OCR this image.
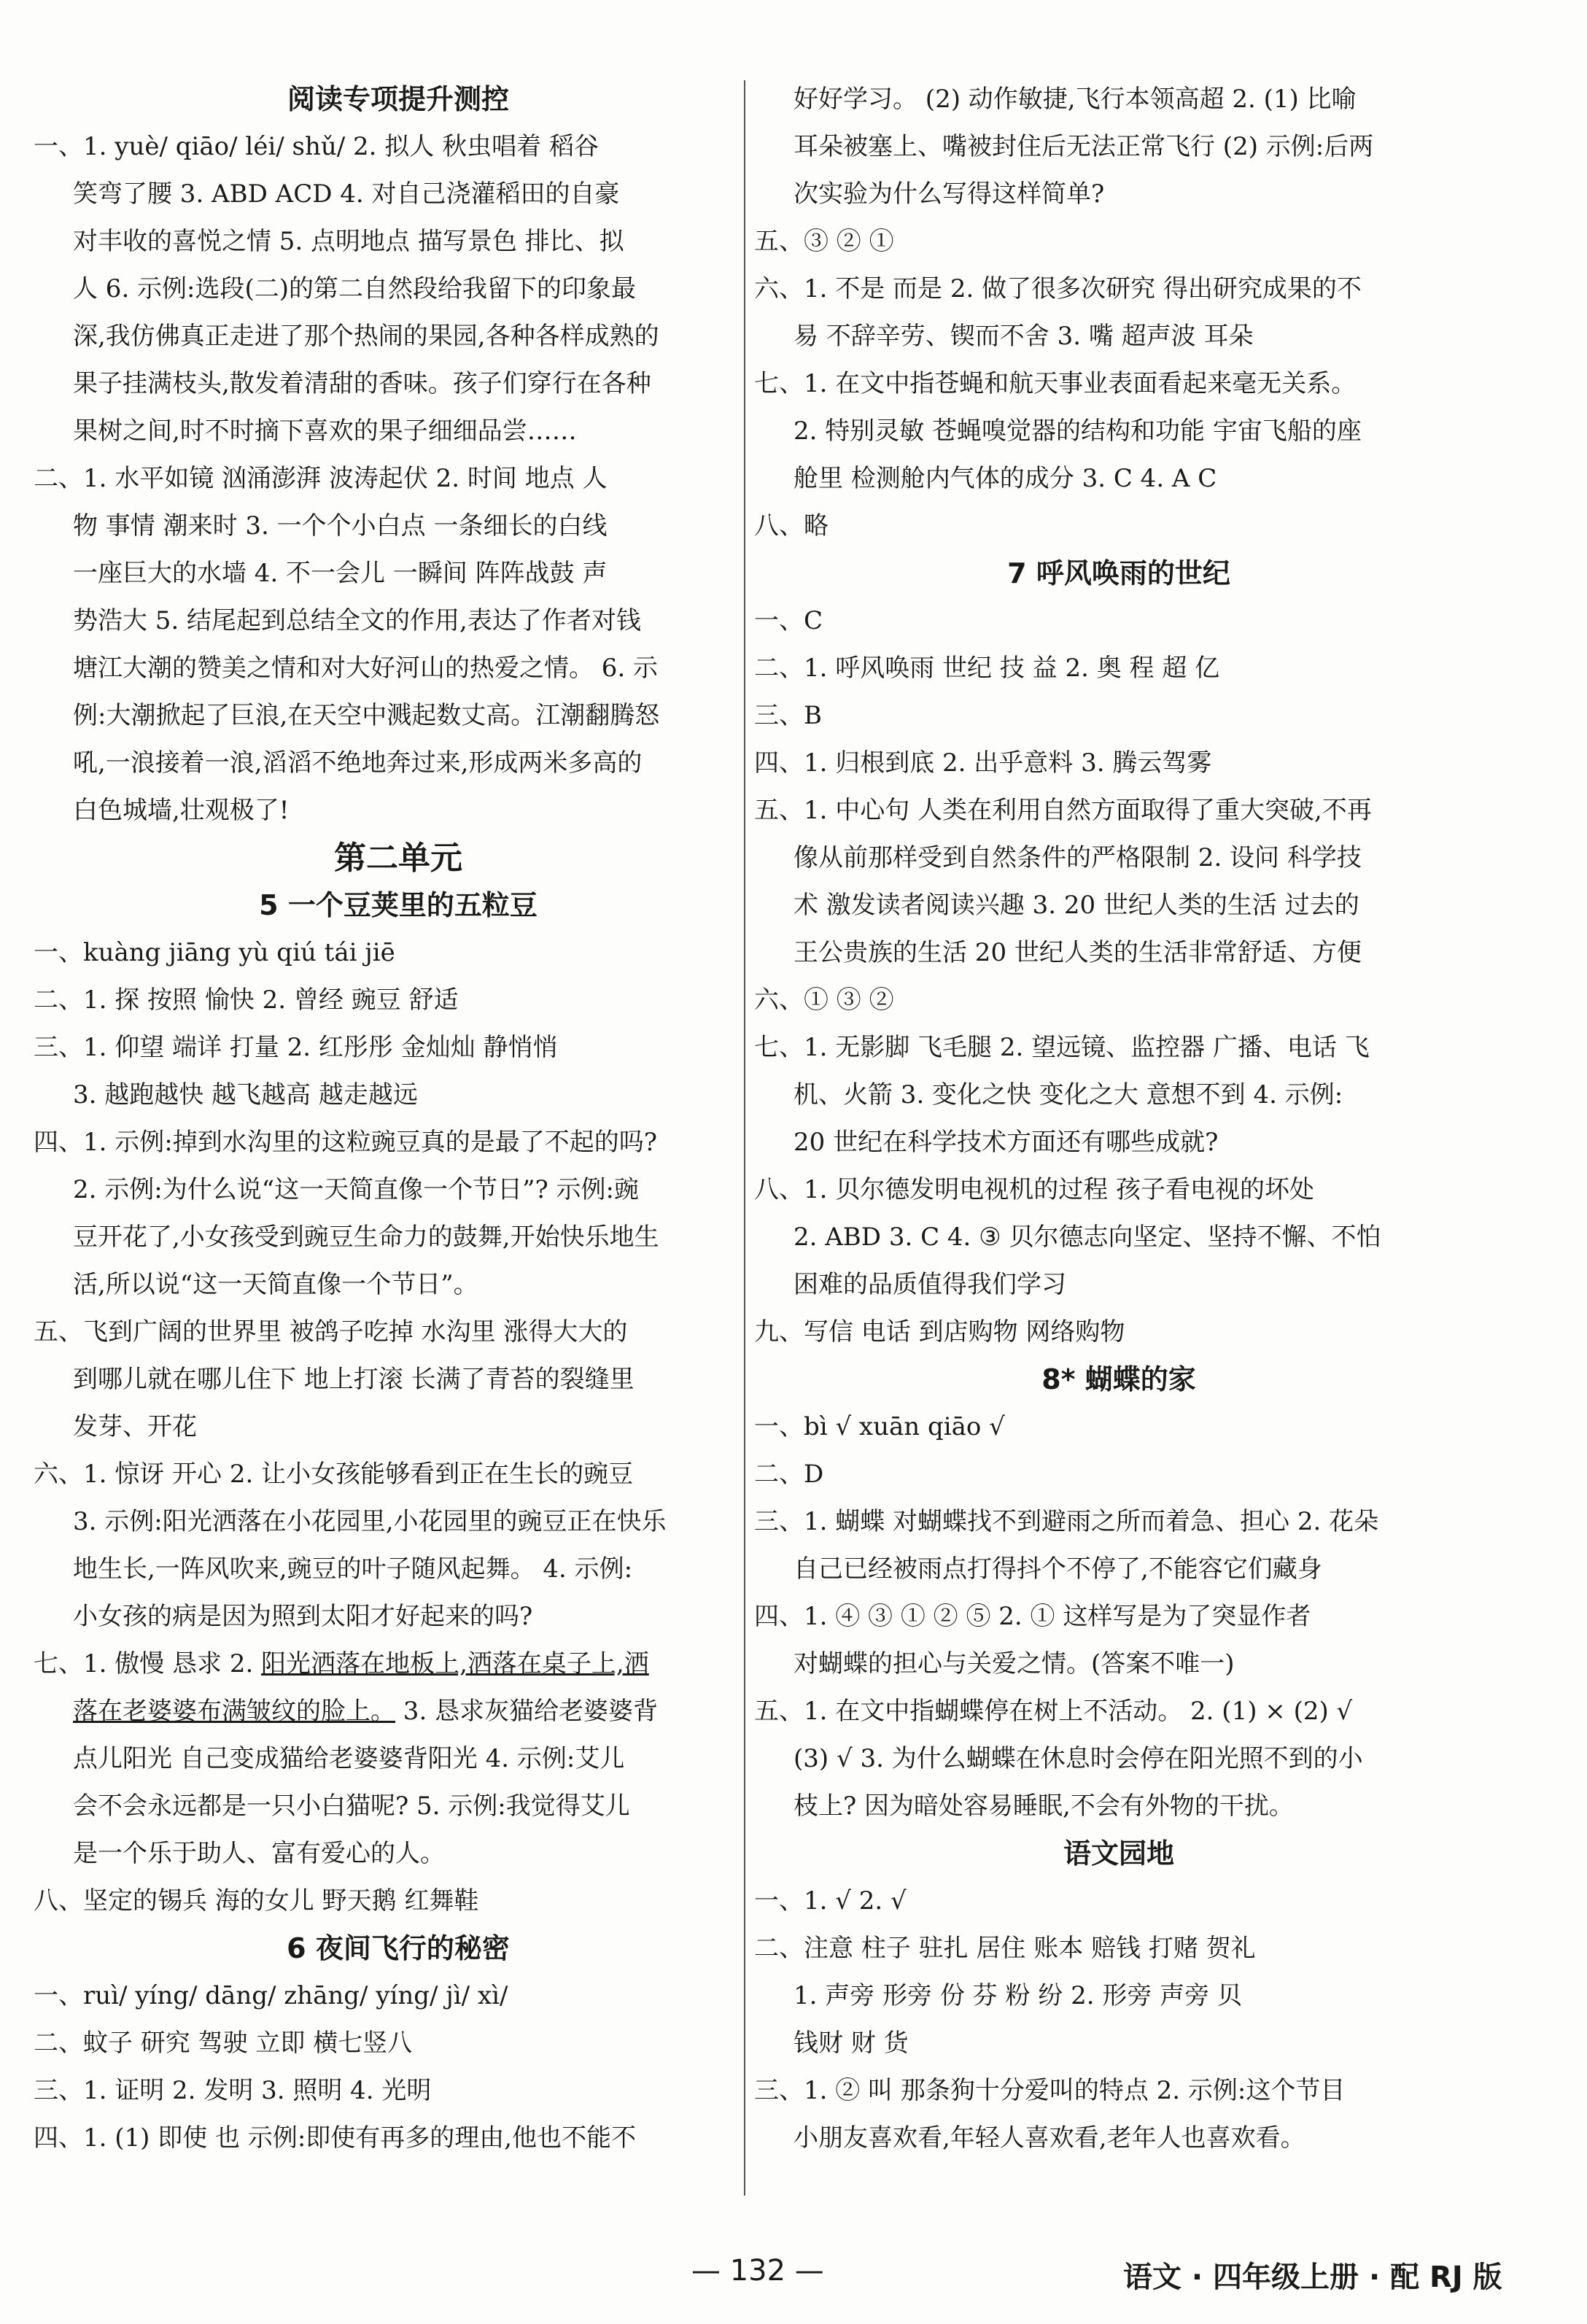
阅读专项提升测控
一、1. yuè/ qiāo/ léi/ shǔ/ 2. 拟人 秋虫唱着 稻谷
笑弯了腰 3. ABD ACD 4. 对自己浇灌稻田的自豪
对丰收的喜悦之情 5. 点明地点 描写景色 排比、拟
人 6. 示例:选段(二)的第二自然段给我留下的印象最
深,我仿佛真正走进了那个热闹的果园,各种各样成熟的
果子挂满枝头,散发着清甜的香味。孩子们穿行在各种
果树之间,时不时摘下喜欢的果子细细品尝……
二、1. 水平如镜 汹涌澎湃 波涛起伏 2. 时间 地点 人
物 事情 潮来时 3. 一个个小白点 一条细长的白线
一座巨大的水墙 4. 不一会儿 一瞬间 阵阵战鼓 声
势浩大 5. 结尾起到总结全文的作用,表达了作者对钱
塘江大潮的赞美之情和对大好河山的热爱之情。 6. 示
例:大潮掀起了巨浪,在天空中溅起数丈高。江潮翻腾怒
吼,一浪接着一浪,滔滔不绝地奔过来,形成两米多高的
白色城墙,壮观极了!
第二单元
5 一个豆荚里的五粒豆
一、kuàng jiāng yù qiú tái jiē
二、1. 探 按照 愉快 2. 曾经 豌豆 舒适
三、1. 仰望 端详 打量 2. 红彤彤 金灿灿 静悄悄
3. 越跑越快 越飞越高 越走越远
四、1. 示例:掉到水沟里的这粒豌豆真的是最了不起的吗?
2. 示例:为什么说“这一天简直像一个节日”? 示例:豌
豆开花了,小女孩受到豌豆生命力的鼓舞,开始快乐地生
活,所以说“这一天简直像一个节日”。
五、飞到广阔的世界里 被鸽子吃掉 水沟里 涨得大大的
到哪儿就在哪儿住下 地上打滚 长满了青苔的裂缝里
发芽、开花
六、1. 惊讶 开心 2. 让小女孩能够看到正在生长的豌豆
3. 示例:阳光洒落在小花园里,小花园里的豌豆正在快乐
地生长,一阵风吹来,豌豆的叶子随风起舞。 4. 示例:
小女孩的病是因为照到太阳才好起来的吗?
七、1. 傲慢 恳求 2. 阳光洒落在地板上,洒落在桌子上,洒
落在老婆婆布满皱纹的脸上。 3. 恳求灰猫给老婆婆背
点儿阳光 自己变成猫给老婆婆背阳光 4. 示例:艾儿
会不会永远都是一只小白猫呢? 5. 示例:我觉得艾儿
是一个乐于助人、富有爱心的人。
八、坚定的锡兵 海的女儿 野天鹅 红舞鞋
6 夜间飞行的秘密
一、ruì/ yíng/ dāng/ zhāng/ yíng/ jì/ xì/
二、蚊子 研究 驾驶 立即 横七竖八
三、1. 证明 2. 发明 3. 照明 4. 光明
四、1. (1) 即使 也 示例:即使有再多的理由,他也不能不
好好学习。 (2) 动作敏捷,飞行本领高超 2. (1) 比喻
耳朵被塞上、嘴被封住后无法正常飞行 (2) 示例:后两
次实验为什么写得这样简单?
五、③ ② ①
六、1. 不是 而是 2. 做了很多次研究 得出研究成果的不
易 不辞辛劳、锲而不舍 3. 嘴 超声波 耳朵
七、1. 在文中指苍蝇和航天事业表面看起来毫无关系。
2. 特别灵敏 苍蝇嗅觉器的结构和功能 宇宙飞船的座
舱里 检测舱内气体的成分 3. C 4. A C
八、略
7 呼风唤雨的世纪
一、C
二、1. 呼风唤雨 世纪 技 益 2. 奥 程 超 亿
三、B
四、1. 归根到底 2. 出乎意料 3. 腾云驾雾
五、1. 中心句 人类在利用自然方面取得了重大突破,不再
像从前那样受到自然条件的严格限制 2. 设问 科学技
术 激发读者阅读兴趣 3. 20 世纪人类的生活 过去的
王公贵族的生活 20 世纪人类的生活非常舒适、方便
六、① ③ ②
七、1. 无影脚 飞毛腿 2. 望远镜、监控器 广播、电话 飞
机、火箭 3. 变化之快 变化之大 意想不到 4. 示例:
20 世纪在科学技术方面还有哪些成就?
八、1. 贝尔德发明电视机的过程 孩子看电视的坏处
2. ABD 3. C 4. ③ 贝尔德志向坚定、坚持不懈、不怕
困难的品质值得我们学习
九、写信 电话 到店购物 网络购物
8* 蝴蝶的家
一、bì √ xuān qiāo √
二、D
三、1. 蝴蝶 对蝴蝶找不到避雨之所而着急、担心 2. 花朵
自己已经被雨点打得抖个不停了,不能容它们藏身
四、1. ④ ③ ① ② ⑤ 2. ① 这样写是为了突显作者
对蝴蝶的担心与关爱之情。(答案不唯一)
五、1. 在文中指蝴蝶停在树上不活动。 2. (1) × (2) √
(3) √ 3. 为什么蝴蝶在休息时会停在阳光照不到的小
枝上? 因为暗处容易睡眠,不会有外物的干扰。
语文园地
一、1. √ 2. √
二、注意 柱子 驻扎 居住 账本 赔钱 打赌 贺礼
1. 声旁 形旁 份 芬 粉 纷 2. 形旁 声旁 贝
钱财 财 货
三、1. ② 叫 那条狗十分爱叫的特点 2. 示例:这个节目
小朋友喜欢看,年轻人喜欢看,老年人也喜欢看。
— 132 —	语文 · 四年级上册 · 配 RJ 版
